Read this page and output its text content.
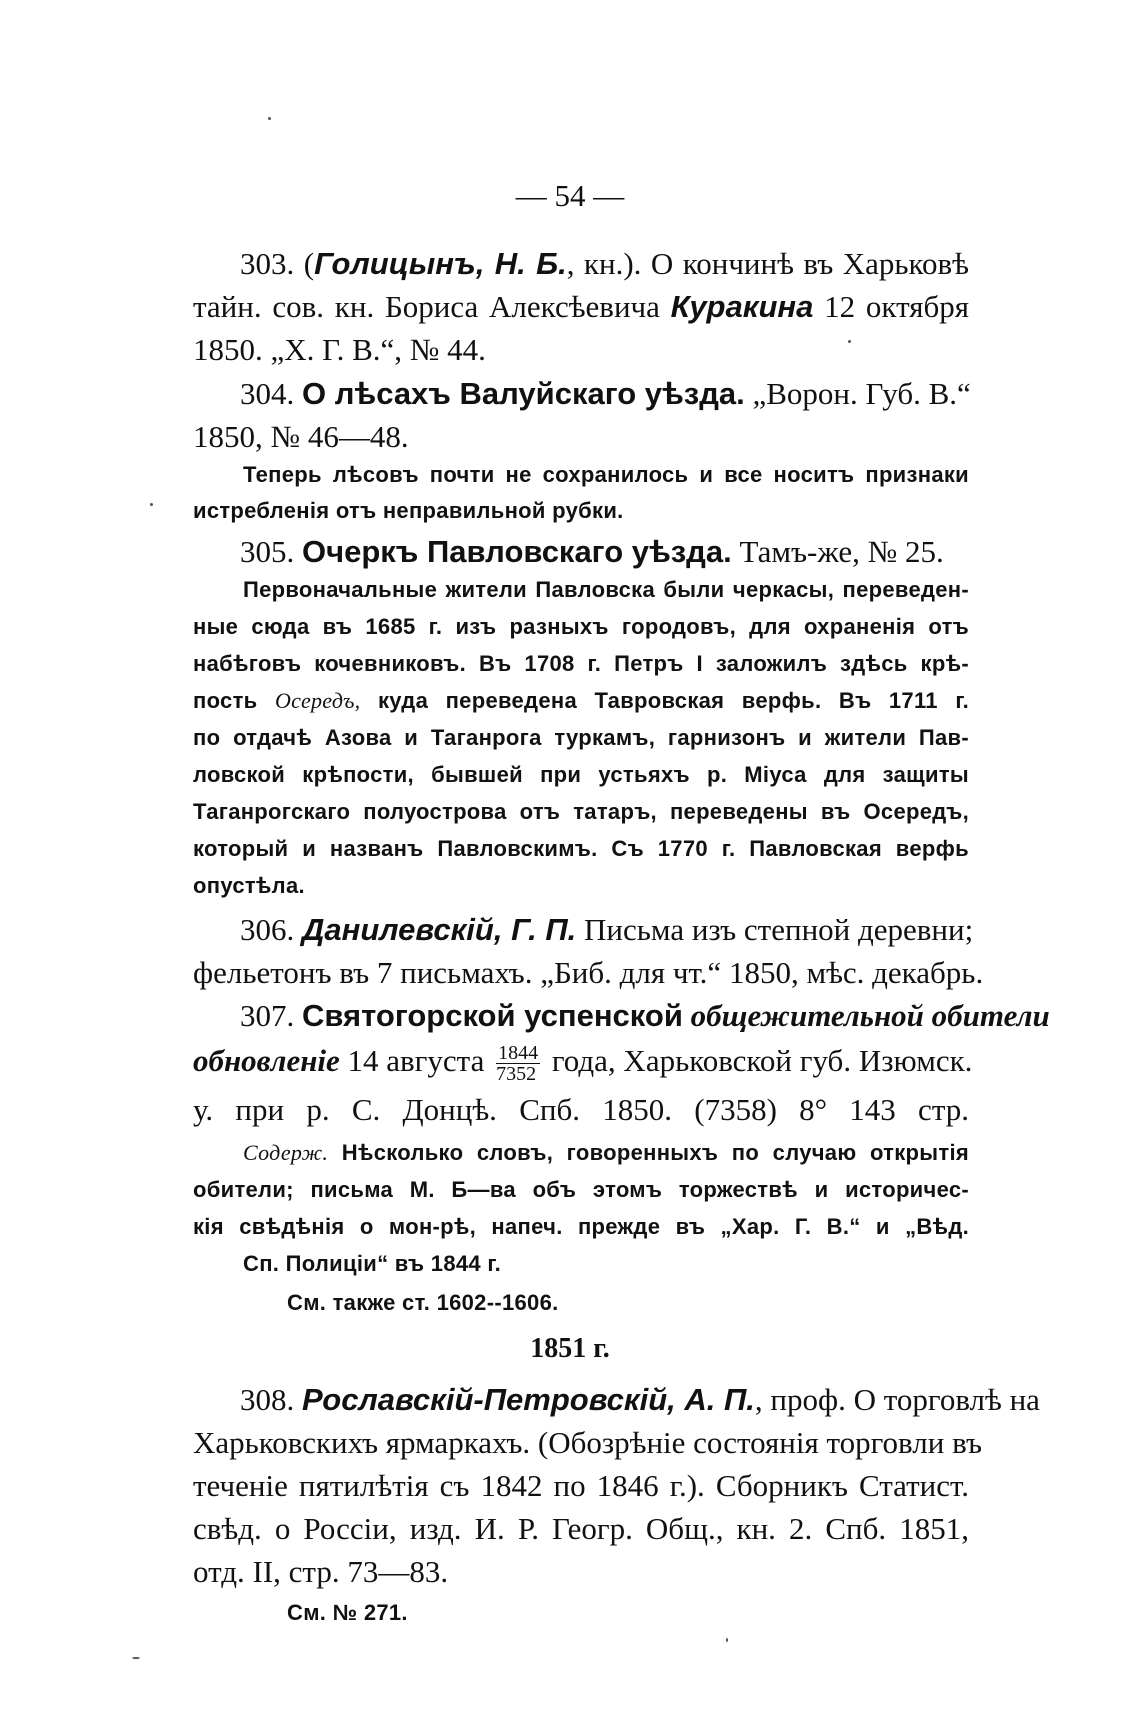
— 54 —
303. (Голицынъ, Н. Б., кн.). О кончинѣ въ Харьковѣ
тайн. сов. кн. Бориса Алексѣевича Куракина 12 октября
1850. „Х. Г. В.“, № 44.
304. О лѣсахъ Валуйскаго уѣзда. „Ворон. Губ. В.“
1850, № 46—48.
Теперь лѣсовъ почти не сохранилось и все носитъ признаки
истребленія отъ неправильной рубки.
305. Очеркъ Павловскаго уѣзда. Тамъ-же, № 25.
Первоначальные жители Павловска были черкасы, переведен-
ные сюда въ 1685 г. изъ разныхъ городовъ, для охраненія отъ
набѣговъ кочевниковъ. Въ 1708 г. Петръ I заложилъ здѣсь крѣ-
пость Осередъ, куда переведена Тавровская верфь. Въ 1711 г.
по отдачѣ Азова и Таганрога туркамъ, гарнизонъ и жители Пав-
ловской крѣпости, бывшей при устьяхъ р. Міуса для защиты
Таганрогскаго полуострова отъ татаръ, переведены въ Осередъ,
который и названъ Павловскимъ. Съ 1770 г. Павловская верфь
опустѣла.
306. Данилевскій, Г. П. Письма изъ степной деревни;
фельетонъ въ 7 письмахъ. „Биб. для чт.“ 1850, мѣс. декабрь.
307. Святогорской успенской общежительной обители
обновленіе 14 августа $\frac{1844}{7352}$ года, Харьковской губ. Изюмск.
у. при р. С. Донцѣ. Спб. 1850. (7358) 8° 143 стр.
Содерж. Нѣсколько словъ, говоренныхъ по случаю открытія
обители; письма М. Б—ва объ этомъ торжествѣ и историчес-
кія свѣдѣнія о мон-рѣ, напеч. прежде въ „Хар. Г. В.“ и „Вѣд.
Сп. Полиціи“ въ 1844 г.
См. также ст. 1602-‑1606.
1851 г.
308. Рославскій-Петровскій, А. П., проф. О торговлѣ на
Харьковскихъ ярмаркахъ. (Обозрѣніе состоянія торговли въ
теченіе пятилѣтія съ 1842 по 1846 г.). Сборникъ Статист.
свѣд. о Россіи, изд. И. Р. Геогр. Общ., кн. 2. Спб. 1851,
отд. II, стр. 73—83.
См. № 271.
